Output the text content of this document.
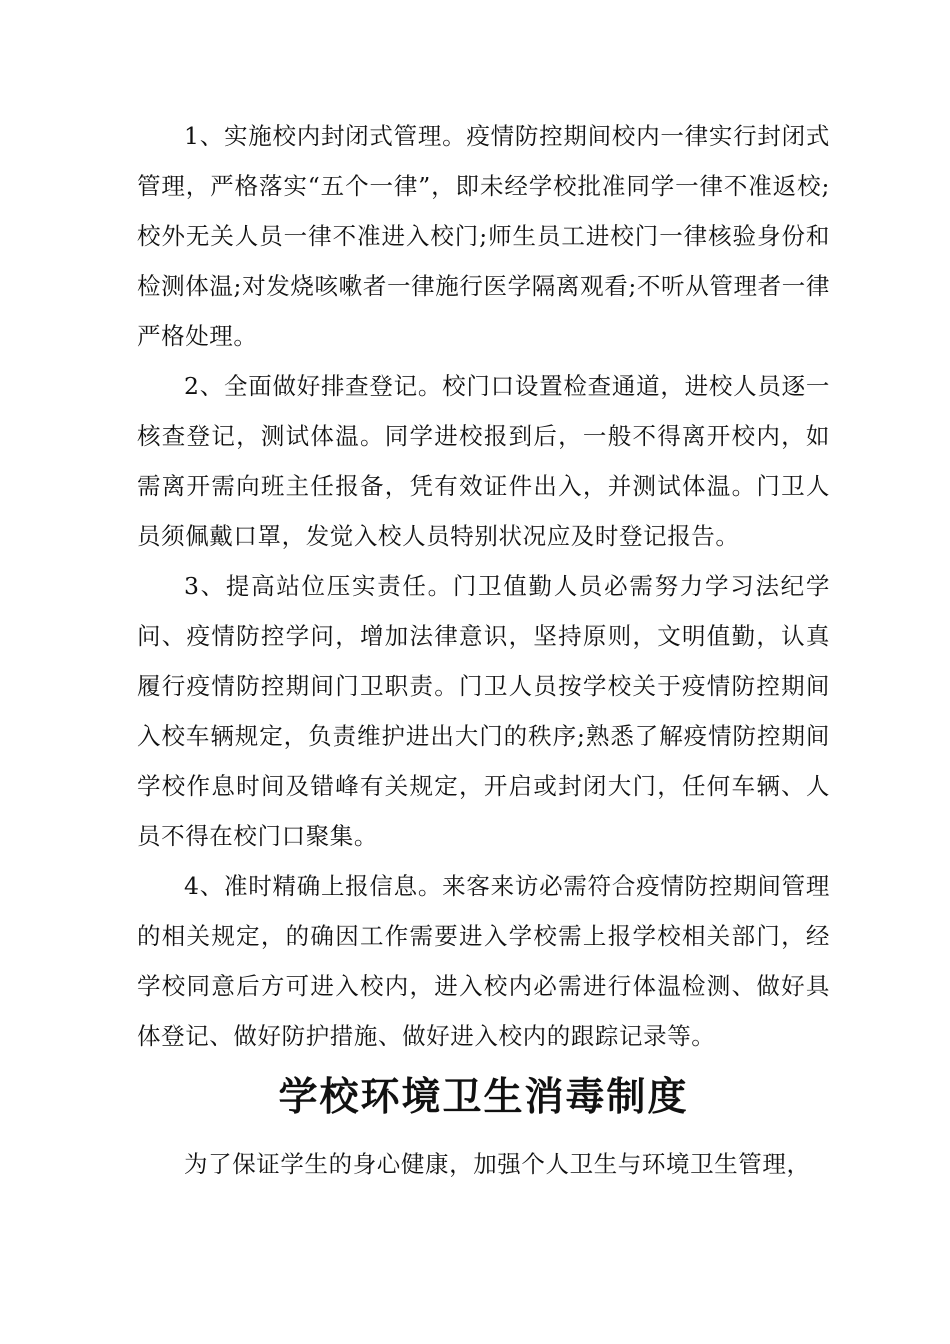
1、实施校内封闭式管理。疫情防控期间校内一律实行封闭式管理，严格落实“五个一律”，即未经学校批准同学一律不准返校;校外无关人员一律不准进入校门;师生员工进校门一律核验身份和检测体温;对发烧咳嗽者一律施行医学隔离观看;不听从管理者一律严格处理。

2、全面做好排查登记。校门口设置检查通道，进校人员逐一核查登记，测试体温。同学进校报到后，一般不得离开校内，如需离开需向班主任报备，凭有效证件出入，并测试体温。门卫人员须佩戴口罩，发觉入校人员特别状况应及时登记报告。

3、提高站位压实责任。门卫值勤人员必需努力学习法纪学问、疫情防控学问，增加法律意识，坚持原则，文明值勤，认真履行疫情防控期间门卫职责。门卫人员按学校关于疫情防控期间入校车辆规定，负责维护进出大门的秩序;熟悉了解疫情防控期间学校作息时间及错峰有关规定，开启或封闭大门，任何车辆、人员不得在校门口聚集。

4、准时精确上报信息。来客来访必需符合疫情防控期间管理的相关规定，的确因工作需要进入学校需上报学校相关部门，经学校同意后方可进入校内，进入校内必需进行体温检测、做好具体登记、做好防护措施、做好进入校内的跟踪记录等。

学校环境卫生消毒制度

为了保证学生的身心健康，加强个人卫生与环境卫生管理，
